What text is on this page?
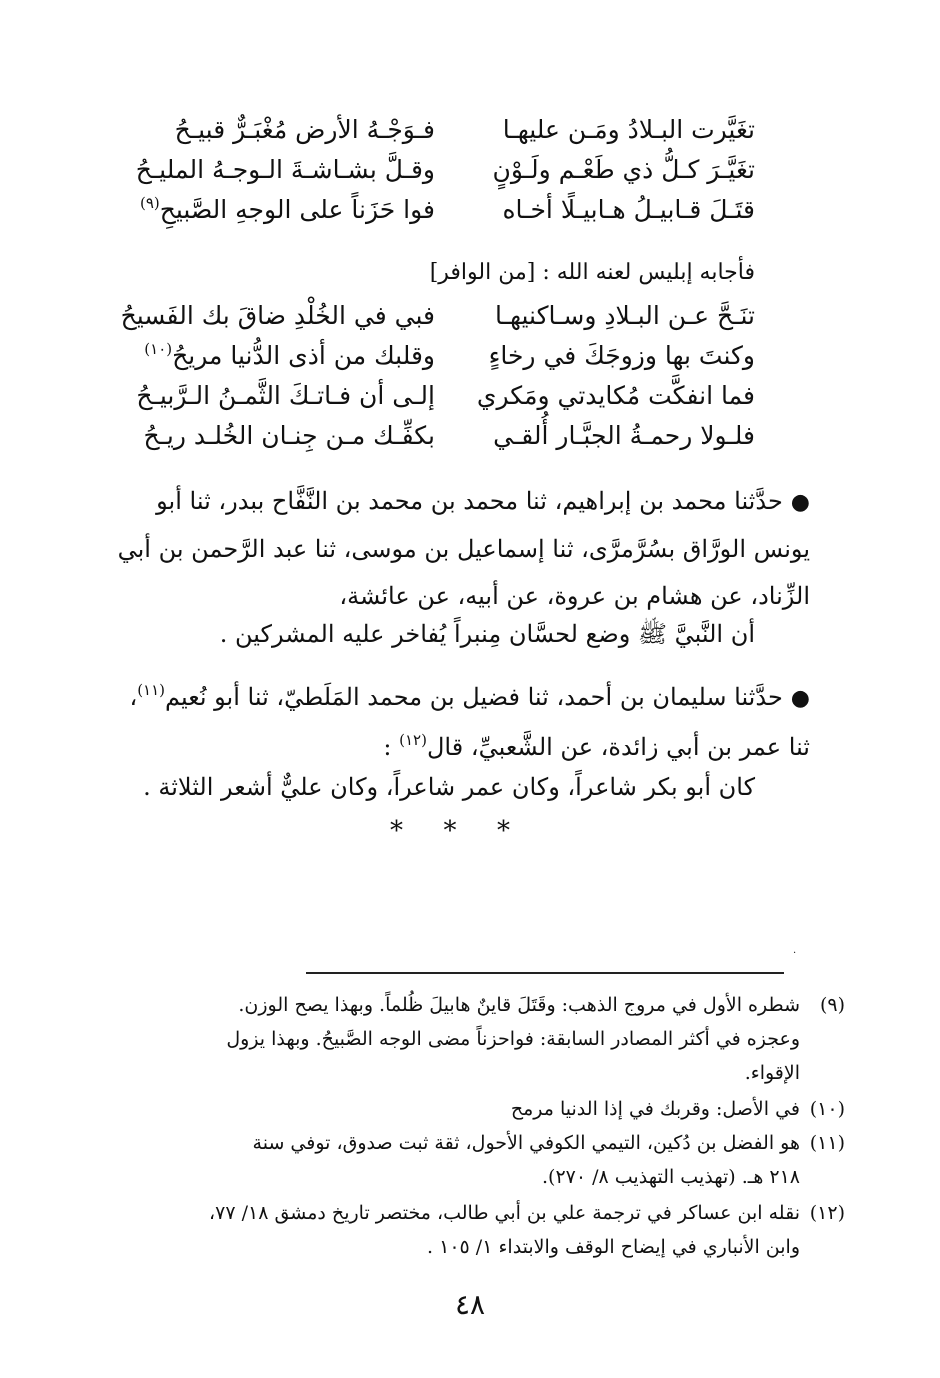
تغَيَّرت البـلادُ ومَـن عليهـا
فـوَجْـهُ الأرض مُغْبَـرٌّ قبيـحُ
تغَيَّـرَ كـلُّ ذي طَعْـم ولَـوْنٍ
وقـلَّ بشـاشـةَ الـوجـهُ المليـحُ
قتَـلَ قـابيـلُ هـابيـلًا أخـاه
فوا حَزَناً على الوجهِ الصَّبيحِ$^{(٩)}$
فأجابه إبليس لعنه الله : [من الوافر]
تنَـحَّ عـن البـلادِ وسـاكنيهـا
فبي في الخُلْدِ ضاقَ بك الفَسيحُ
وكنتَ بها وزوجَكَ في رخاءٍ
وقلبك من أذى الدُّنيا مريحُ$^{(١٠)}$
فما انفكَّت مُكايدتي ومَكري
إلـى أن فـاتـكَ الثَّمـنُ الـرَّبيـحُ
فلـولا رحمـةُ الجبَّـار أُلقـي
بكفِّـك مـن جِنـان الخُلـد ريـحُ
●حدَّثنا محمد بن إبراهيم، ثنا محمد بن محمد بن النَّفَّاح ببدر، ثنا أبو
يونس الورَّاق بسُرَّمرَّى، ثنا إسماعيل بن موسى، ثنا عبد الرَّحمن بن أبي
الزِّناد، عن هشام بن عروة، عن أبيه، عن عائشة،
أن النَّبيَّ ﷺ وضع لحسَّان مِنبراً يُفاخر عليه المشركين .
●حدَّثنا سليمان بن أحمد، ثنا فضيل بن محمد المَلَطيّ، ثنا أبو نُعيم$^{(١١)}$،
ثنا عمر بن أبي زائدة، عن الشَّعبيِّ، قال$^{(١٢)}$ :
كان أبو بكر شاعراً، وكان عمر شاعراً، وكان عليٌّ أشعر الثلاثة .
* * *
.
(٩)
شطره الأول في مروج الذهب: وقَتَلَ قاينٌ هابيلَ ظُلماً. وبهذا يصح الوزن.
وعجزه في أكثر المصادر السابقة: فواحزناً مضى الوجه الصَّبيحُ. وبهذا يزول
الإقواء.
(١٠)
في الأصل: وقربك في إذا الدنيا مرمح
(١١)
هو الفضل بن دُكين، التيمي الكوفي الأحول، ثقة ثبت صدوق، توفي سنة
٢١٨ هـ. (تهذيب التهذيب ٨/ ٢٧٠).
(١٢)
نقله ابن عساكر في ترجمة علي بن أبي طالب، مختصر تاريخ دمشق ١٨/ ٧٧،
وابن الأنباري في إيضاح الوقف والابتداء ١/ ١٠٥ .
٤٨
